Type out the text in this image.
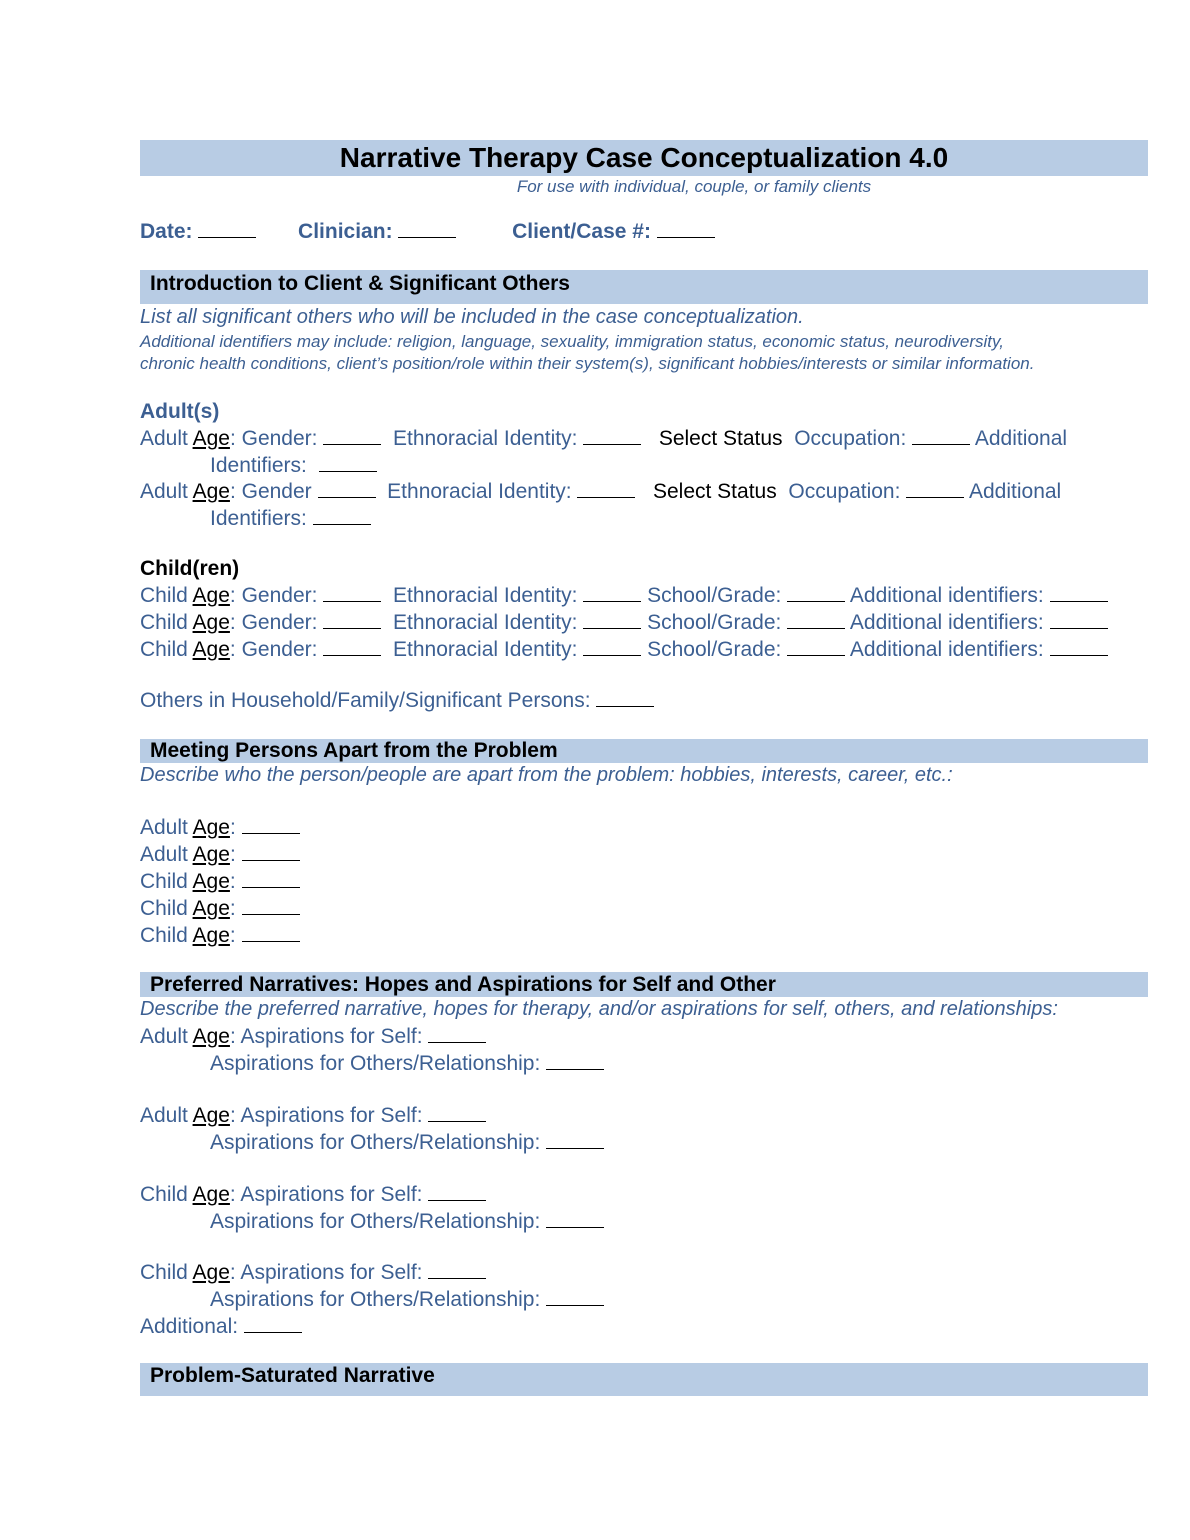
Narrative Therapy Case Conceptualization 4.0
For use with individual, couple, or family clients
Date:	Clinician:	Client/Case #:
Introduction to Client & Significant Others
List all significant others who will be included in the case conceptualization.
Additional identifiers may include: religion, language, sexuality, immigration status, economic status, neurodiversity,
chronic health conditions, client’s position/role within their system(s), significant hobbies/interests or similar information.
Adult(s)
Adult Age: Gender:	Ethnoracial Identity:	Select Status Occupation:	Additional
Identifiers:
Adult Age: Gender	Ethnoracial Identity:	Select Status Occupation:	Additional
Identifiers:
Child(ren)
Child Age: Gender:	Ethnoracial Identity:	School/Grade:	Additional identifiers:
Child Age: Gender:	Ethnoracial Identity:	School/Grade:	Additional identifiers:
Child Age: Gender:	Ethnoracial Identity:	School/Grade:	Additional identifiers:
Others in Household/Family/Significant Persons:
Meeting Persons Apart from the Problem
Describe who the person/people are apart from the problem: hobbies, interests, career, etc.:
Adult Age:
Adult Age:
Child Age:
Child Age:
Child Age:
Preferred Narratives: Hopes and Aspirations for Self and Other
Describe the preferred narrative, hopes for therapy, and/or aspirations for self, others, and relationships:
Adult Age: Aspirations for Self:
Aspirations for Others/Relationship:
Adult Age: Aspirations for Self:
Aspirations for Others/Relationship:
Child Age: Aspirations for Self:
Aspirations for Others/Relationship:
Child Age: Aspirations for Self:
Aspirations for Others/Relationship:
Additional:
Problem-Saturated Narrative
